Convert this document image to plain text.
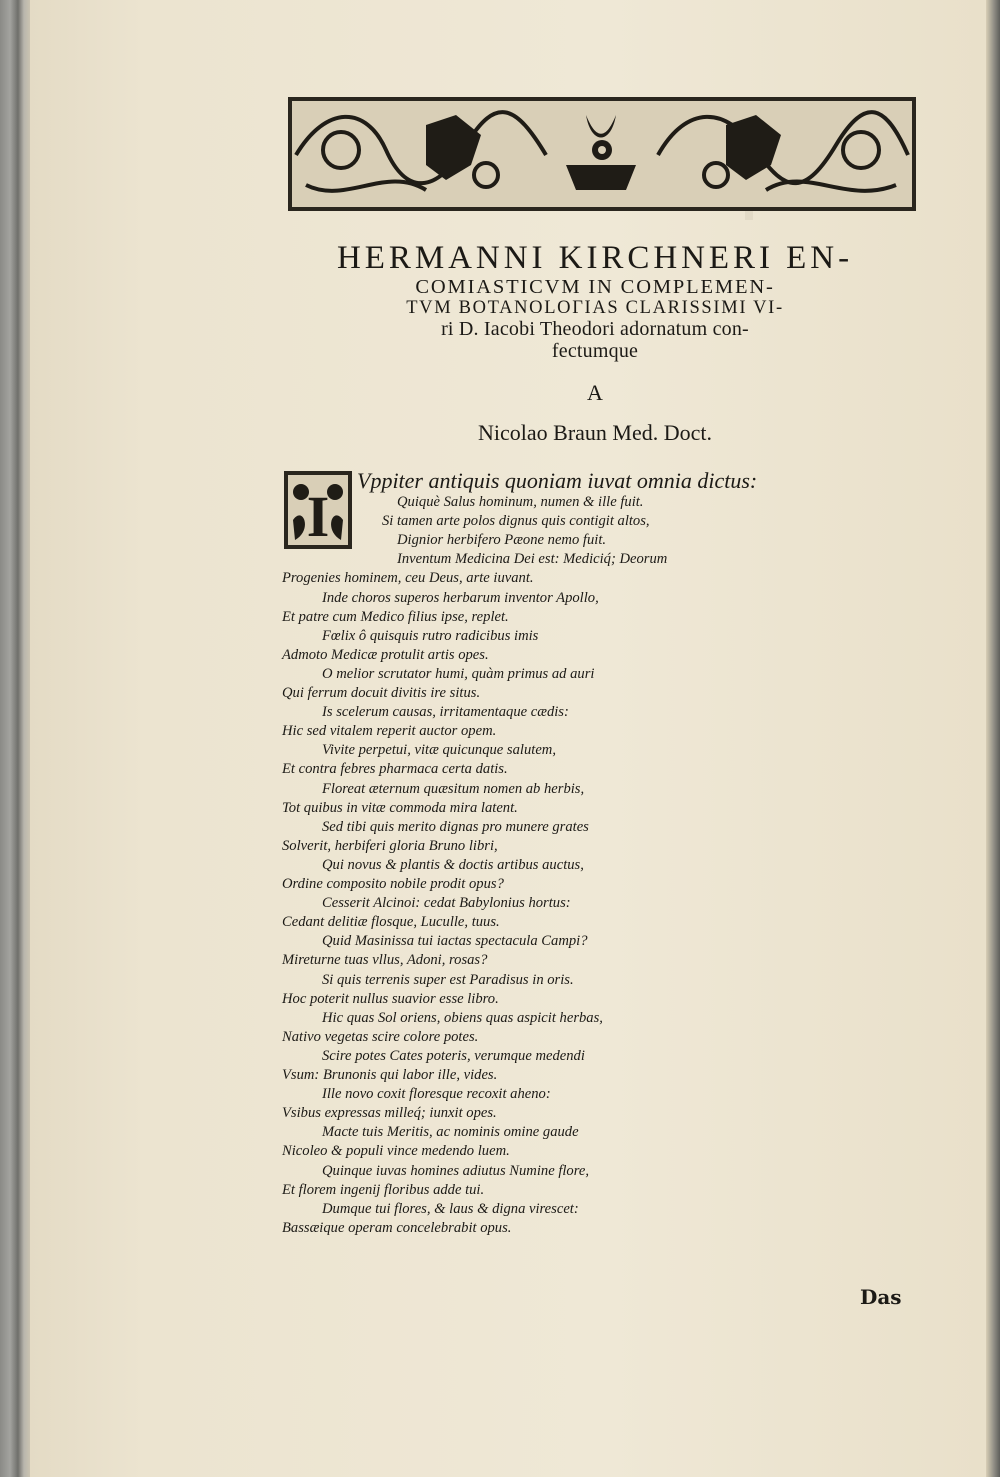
HERMANNI KIRCHNERI EN-
COMIASTICVM IN COMPLEMEN-
TVM BOTANOLOΓIAS CLARISSIMI VI-
ri D. Iacobi Theodori adornatum con-
fectumque
A
Nicolao Braun Med. Doct.
I
Vppiter antiquis quoniam iuvat omnia dictus:
Quiquè Salus hominum, numen & ille fuit.
Si tamen arte polos dignus quis contigit altos,
Dignior herbifero Pæone nemo fuit.
Inventum Medicina Dei est: Mediciq́; Deorum
Progenies hominem, ceu Deus, arte iuvant.
Inde choros superos herbarum inventor Apollo,
Et patre cum Medico filius ipse, replet.
Fœlix ô quisquis rutro radicibus imis
Admoto Medicæ protulit artis opes.
O melior scrutator humi, quàm primus ad auri
Qui ferrum docuit divitis ire situs.
Is scelerum causas, irritamentaque cædis:
Hic sed vitalem reperit auctor opem.
Vivite perpetui, vitæ quicunque salutem,
Et contra febres pharmaca certa datis.
Floreat æternum quæsitum nomen ab herbis,
Tot quibus in vitæ commoda mira latent.
Sed tibi quis merito dignas pro munere grates
Solverit, herbiferi gloria Bruno libri,
Qui novus & plantis & doctis artibus auctus,
Ordine composito nobile prodit opus?
Cesserit Alcinoi: cedat Babylonius hortus:
Cedant delitiæ flosque, Luculle, tuus.
Quid Masinissa tui iactas spectacula Campi?
Mireturne tuas vllus, Adoni, rosas?
Si quis terrenis super est Paradisus in oris.
Hoc poterit nullus suavior esse libro.
Hic quas Sol oriens, obiens quas aspicit herbas,
Nativo vegetas scire colore potes.
Scire potes Cates poteris, verumque medendi
Vsum: Brunonis qui labor ille, vides.
Ille novo coxit floresque recoxit aheno:
Vsibus expressas milleq́; iunxit opes.
Macte tuis Meritis, ac nominis omine gaude
Nicoleo & populi vince medendo luem.
Quinque iuvas homines adiutus Numine flore,
Et florem ingenij floribus adde tui.
Dumque tui flores, & laus & digna virescet:
Bassæique operam concelebrabit opus.
Das
